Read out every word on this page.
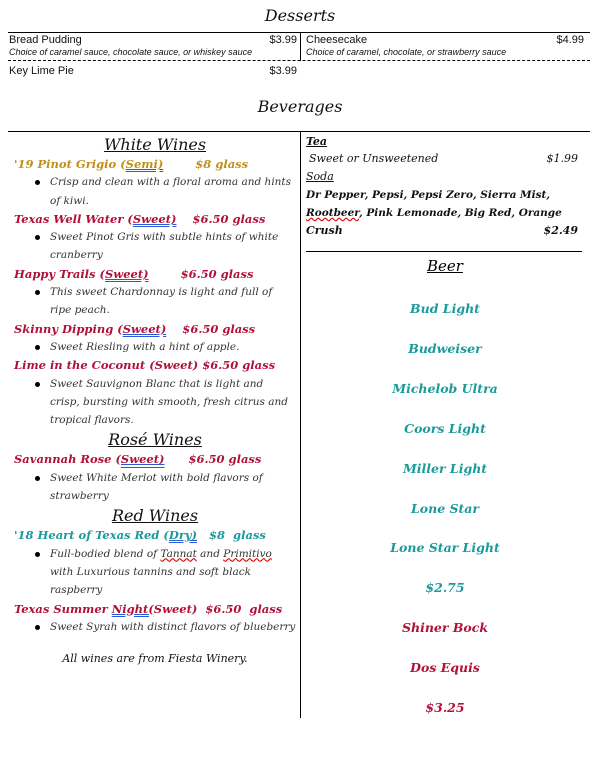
Desserts
Bread Pudding	$3.99
Choice of caramel sauce, chocolate sauce, or whiskey sauce
Cheesecake	$4.99
Choice of caramel, chocolate, or strawberry sauce
Key Lime Pie	$3.99
Beverages
White Wines
'19 Pinot Grigio (Semi)        $8 glass
Crisp and clean with a floral aroma and hints of kiwi.
Texas Well Water (Sweet)    $6.50 glass
Sweet Pinot Gris with subtle hints of white cranberry
Happy Trails (Sweet)        $6.50 glass
This sweet Chardonnay is light and full of ripe peach.
Skinny Dipping (Sweet)    $6.50 glass
Sweet Riesling with a hint of apple.
Lime in the Coconut (Sweet) $6.50 glass
Sweet Sauvignon Blanc that is light and crisp, bursting with smooth, fresh citrus and tropical flavors.
Rosé Wines
Savannah Rose (Sweet)      $6.50 glass
Sweet White Merlot with bold flavors of strawberry
Red Wines
'18 Heart of Texas Red (Dry)   $8  glass
Full-bodied blend of Tannat and Primitivo with Luxurious tannins and soft black raspberry
Texas Summer Night(Sweet)  $6.50  glass
Sweet Syrah with distinct flavors of blueberry
All wines are from Fiesta Winery.
Tea
Sweet or Unsweetened	$1.99
Soda
Dr Pepper, Pepsi, Pepsi Zero, Sierra Mist,
Rootbeer, Pink Lemonade, Big Red, Orange
Crush	$2.49
Beer
Bud Light
Budweiser
Michelob Ultra
Coors Light
Miller Light
Lone Star
Lone Star Light
$2.75
Shiner Bock
Dos Equis
$3.25
